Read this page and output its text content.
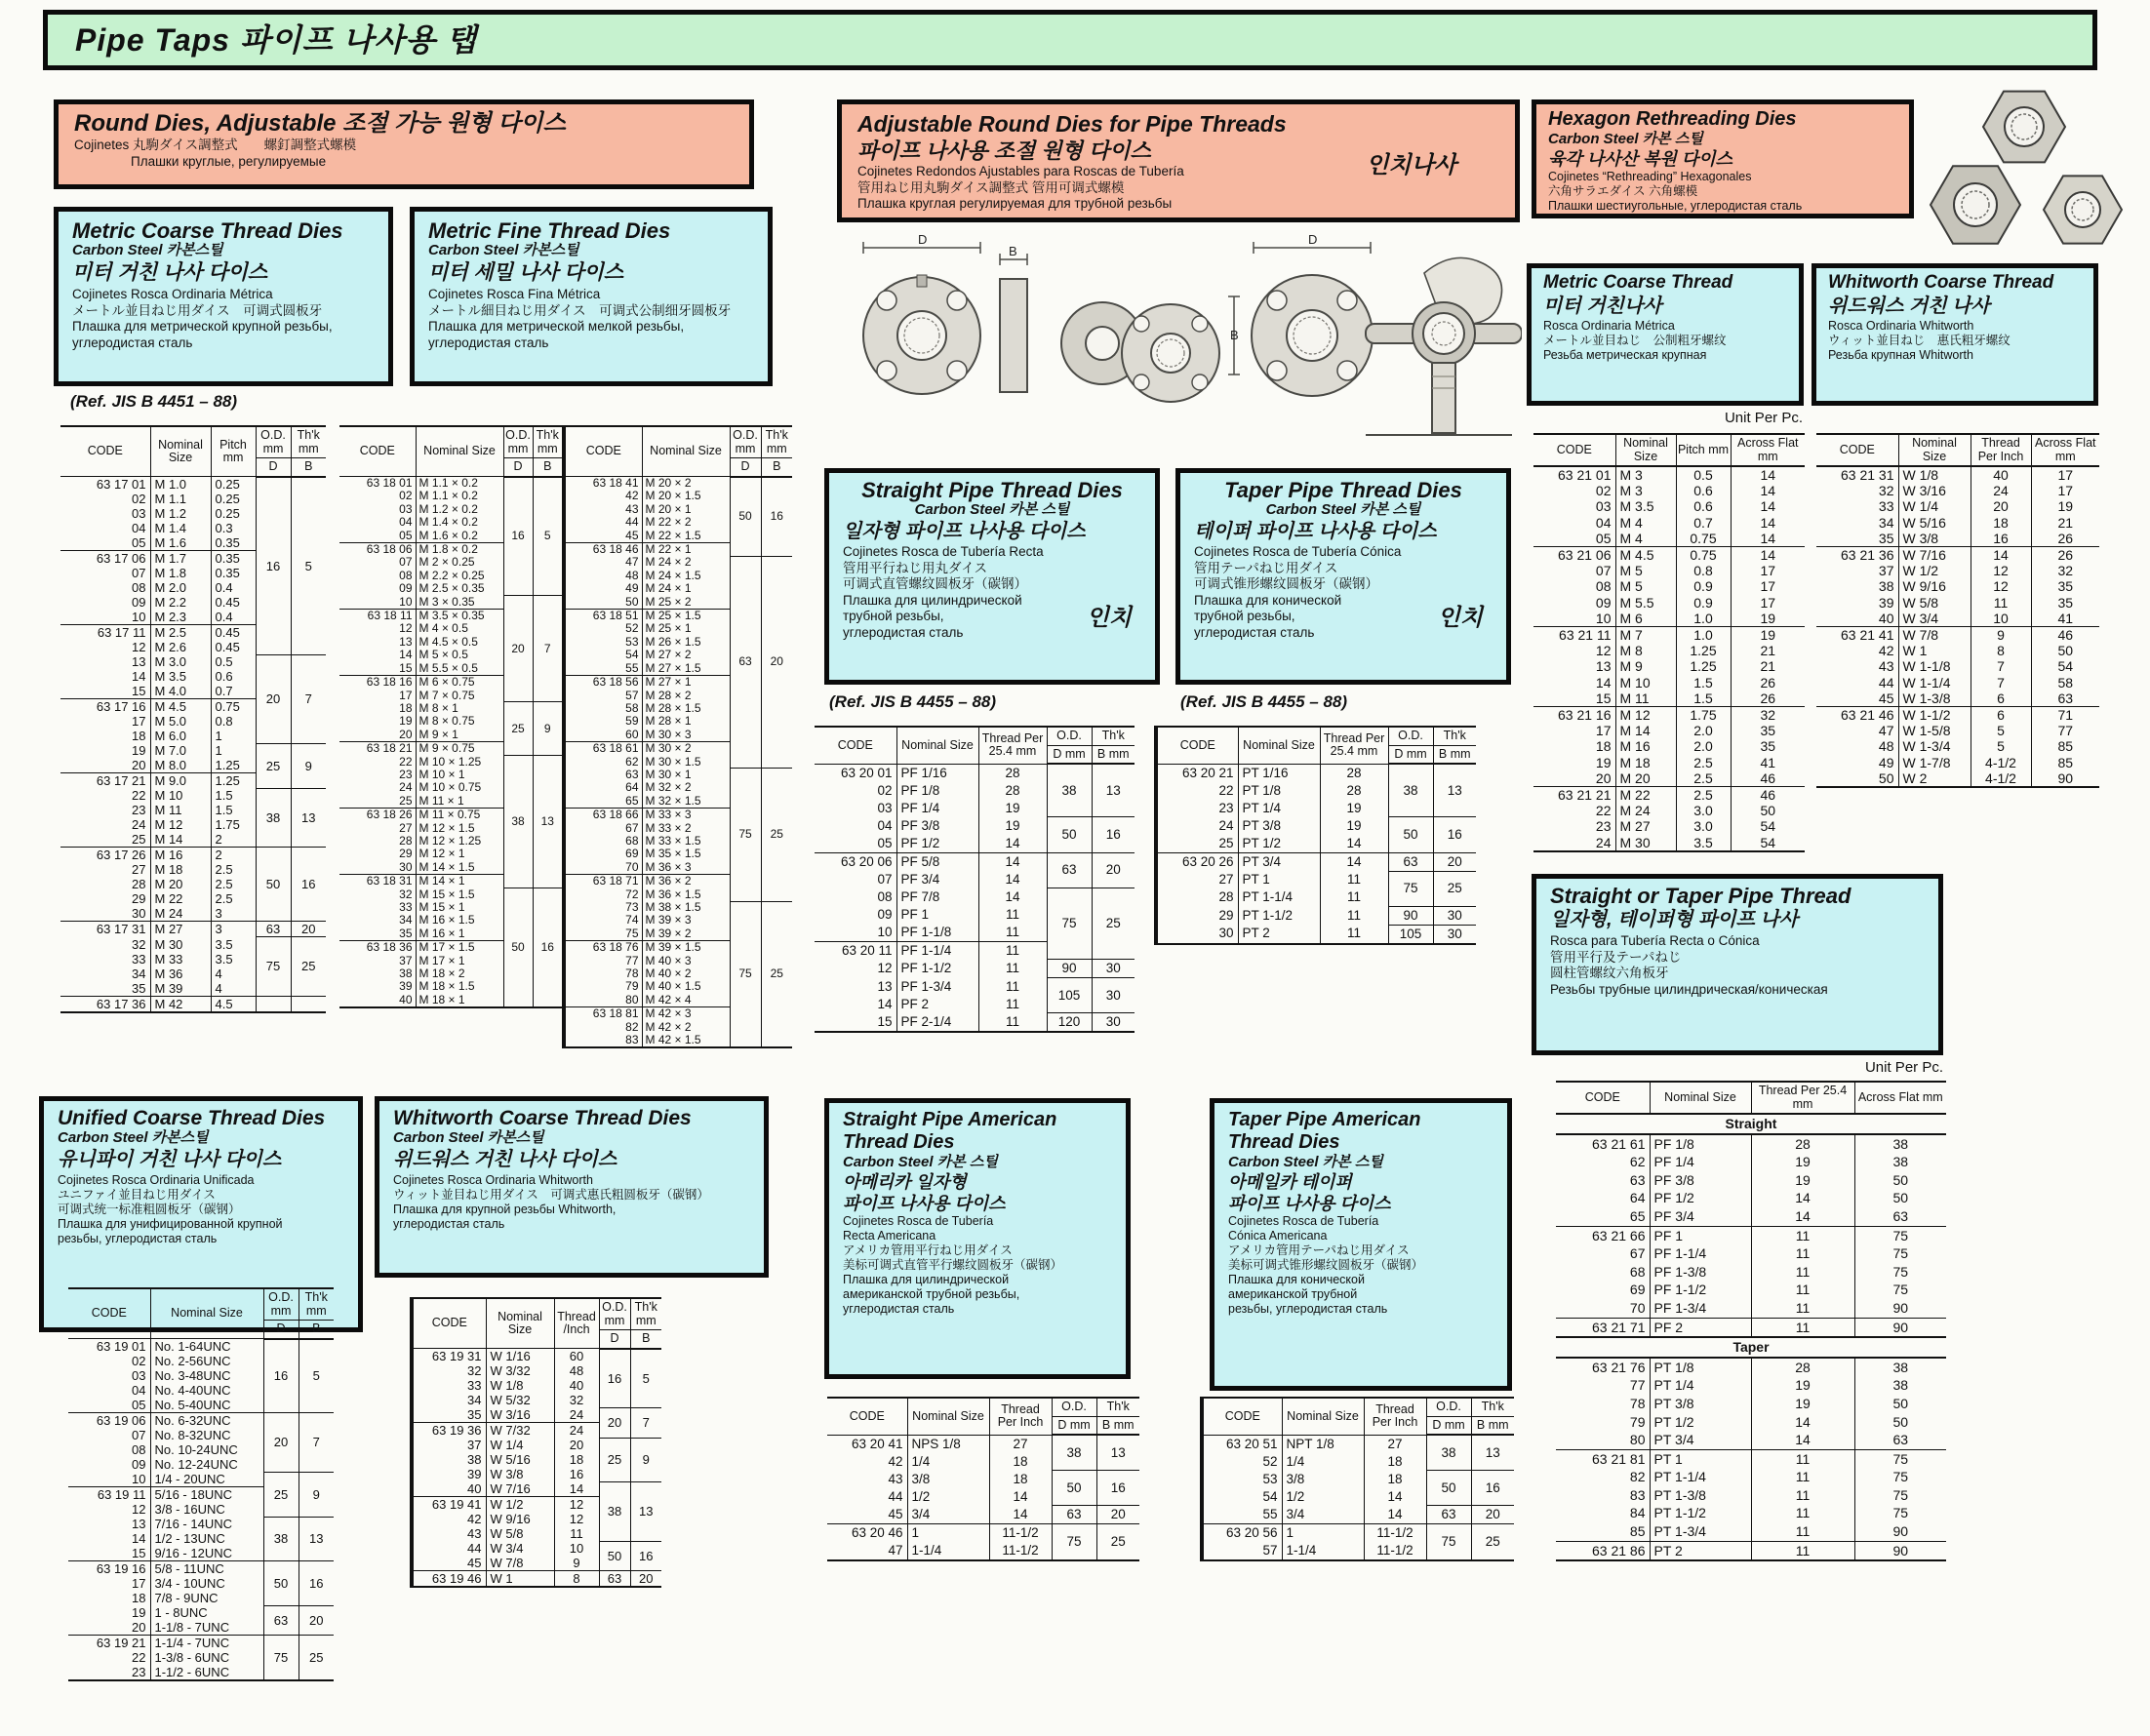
Pipe Taps 파이프 나사용 탭
Round Dies, Adjustable 조절 가능 원형 다이스
Cojinetes 丸駒ダイス調整式　　螺釘調整式螺模
Плашки круглые, регулируемые
Adjustable Round Dies for Pipe Threads
파이프 나사용 조절 원형 다이스
인치나사
Cojinetes Redondos Ajustables para Roscas de Tubería
管用ねじ用丸駒ダイス調整式 管用可调式螺模
Плашка круглая регулируемая для трубной резьбы
Hexagon Rethreading Dies
Carbon Steel 카본 스틸
육각 나사산 복원 다이스
Cojinetes “Rethreading” Hexagonales
六角サラエダイス 六角螺模
Плашки шестиугольные, углеродистая сталь
D
B
D
B
Metric Coarse Thread Dies
Carbon Steel 카본스틸
미터 거친 나사 다이스
Cojinetes Rosca Ordinaria Métrica
メートル並目ねじ用ダイス　可调式圆板牙
Плашка для метрической крупной резьбы,
углеродистая сталь
Metric Fine Thread Dies
Carbon Steel 카본스틸
미터 세밀 나사 다이스
Cojinetes Rosca Fina Métrica
メートル細目ねじ用ダイス　可调式公制细牙圆板牙
Плашка для метрической мелкой резьбы,
углеродистая сталь
(Ref. JIS B 4451 – 88)
CODE	Nominal Size	Pitch mm	O.D. mm	Th'k mm
			D	B
63 17 01	M 1.0	0.25	16	5
02	M 1.1	0.25		
03	M 1.2	0.25		
04	M 1.4	0.3		
05	M 1.6	0.35		
63 17 06	M 1.7	0.35		
07	M 1.8	0.35		
08	M 2.0	0.4		
09	M 2.2	0.45		
10	M 2.3	0.4		
63 17 11	M 2.5	0.45		
12	M 2.6	0.45		
13	M 3.0	0.5	20	7
14	M 3.5	0.6		
15	M 4.0	0.7		
63 17 16	M 4.5	0.75		
17	M 5.0	0.8		
18	M 6.0	1		
19	M 7.0	1	25	9
20	M 8.0	1.25		
63 17 21	M 9.0	1.25		
22	M 10	1.5	38	13
23	M 11	1.5		
24	M 12	1.75		
25	M 14	2		
63 17 26	M 16	2	50	16
27	M 18	2.5		
28	M 20	2.5		
29	M 22	2.5		
30	M 24	3		
63 17 31	M 27	3	63	20
32	M 30	3.5	75	25
33	M 33	3.5		
34	M 36	4		
35	M 39	4		
63 17 36	M 42	4.5		
CODE	Nominal Size	O.D. mm	Th'k mm
		D	B
63 18 01	M 1.1 × 0.2	16	5
02	M 1.1 × 0.2		
03	M 1.2 × 0.2		
04	M 1.4 × 0.2		
05	M 1.6 × 0.2		
63 18 06	M 1.8 × 0.2		
07	M 2 × 0.25		
08	M 2.2 × 0.25		
09	M 2.5 × 0.35		
10	M 3 × 0.35	20	7
63 18 11	M 3.5 × 0.35		
12	M 4 × 0.5		
13	M 4.5 × 0.5		
14	M 5 × 0.5		
15	M 5.5 × 0.5		
63 18 16	M 6 × 0.75		
17	M 7 × 0.75		
18	M 8 × 1	25	9
19	M 8 × 0.75		
20	M 9 × 1		
63 18 21	M 9 × 0.75		
22	M 10 × 1.25	38	13
23	M 10 × 1		
24	M 10 × 0.75		
25	M 11 × 1		
63 18 26	M 11 × 0.75		
27	M 12 × 1.5		
28	M 12 × 1.25		
29	M 12 × 1		
30	M 14 × 1.5		
63 18 31	M 14 × 1		
32	M 15 × 1.5	50	16
33	M 15 × 1		
34	M 16 × 1.5		
35	M 16 × 1		
63 18 36	M 17 × 1.5		
37	M 17 × 1		
38	M 18 × 2		
39	M 18 × 1.5		
40	M 18 × 1		
CODE	Nominal Size	O.D. mm	Th'k mm
		D	B
63 18 41	M 20 × 2	50	16
42	M 20 × 1.5		
43	M 20 × 1		
44	M 22 × 2		
45	M 22 × 1.5		
63 18 46	M 22 × 1		
47	M 24 × 2	63	20
48	M 24 × 1.5		
49	M 24 × 1		
50	M 25 × 2		
63 18 51	M 25 × 1.5		
52	M 25 × 1		
53	M 26 × 1.5		
54	M 27 × 2		
55	M 27 × 1.5		
63 18 56	M 27 × 1		
57	M 28 × 2		
58	M 28 × 1.5		
59	M 28 × 1		
60	M 30 × 3		
63 18 61	M 30 × 2		
62	M 30 × 1.5		
63	M 30 × 1	75	25
64	M 32 × 2		
65	M 32 × 1.5		
63 18 66	M 33 × 3		
67	M 33 × 2		
68	M 33 × 1.5		
69	M 35 × 1.5		
70	M 36 × 3		
63 18 71	M 36 × 2		
72	M 36 × 1.5		
73	M 38 × 1.5	75	25
74	M 39 × 3		
75	M 39 × 2		
63 18 76	M 39 × 1.5		
77	M 40 × 3		
78	M 40 × 2		
79	M 40 × 1.5		
80	M 42 × 4		
63 18 81	M 42 × 3		
82	M 42 × 2		
83	M 42 × 1.5		
Straight Pipe Thread Dies
Carbon Steel 카본 스틸
일자형 파이프 나사용 다이스
Cojinetes Rosca de Tubería Recta
管用平行ねじ用丸ダイス
可调式直管螺纹圆板牙（碳钢）
인치
Плашка для цилиндрической
трубной резьбы,
углеродистая сталь
(Ref. JIS B 4455 – 88)
Taper Pipe Thread Dies
Carbon Steel 카본 스틸
테이퍼 파이프 나사용 다이스
Cojinetes Rosca de Tubería Cónica
管用テーパねじ用ダイス
可调式锥形螺纹圆板牙（碳钢）
인치
Плашка для конической
трубной резьбы,
углеродистая сталь
(Ref. JIS B 4455 – 88)
CODE	Nominal Size	Thread Per 25.4 mm	O.D.	Th'k
			D mm	B mm
63 20 01	PF 1/16	28	38	13
02	PF 1/8	28		
03	PF 1/4	19		
04	PF 3/8	19	50	16
05	PF 1/2	14		
63 20 06	PF 5/8	14	63	20
07	PF 3/4	14		
08	PF 7/8	14	75	25
09	PF 1	11		
10	PF 1-1/8	11		
63 20 11	PF 1-1/4	11		
12	PF 1-1/2	11	90	30
13	PF 1-3/4	11	105	30
14	PF 2	11		
15	PF 2-1/4	11	120	30
CODE	Nominal Size	Thread Per 25.4 mm	O.D.	Th'k
			D mm	B mm
63 20 21	PT 1/16	28	38	13
22	PT 1/8	28		
23	PT 1/4	19		
24	PT 3/8	19	50	16
25	PT 1/2	14		
63 20 26	PT 3/4	14	63	20
27	PT 1	11	75	25
28	PT 1-1/4	11		
29	PT 1-1/2	11	90	30
30	PT 2	11	105	30
Metric Coarse Thread
미터 거친나사
Rosca Ordinaria Métrica
メートル並目ねじ　公制粗牙螺纹
Резьба метрическая крупная
Whitworth Coarse Thread
위드워스 거친 나사
Rosca Ordinaria Whitworth
ウィット並目ねじ　惠氏粗牙螺纹
Резьба крупная Whitworth
Unit Per Pc.
CODE	Nominal Size	Pitch mm	Across Flat mm
63 21 01	M 3	0.5	14
02	M 3	0.6	14
03	M 3.5	0.6	14
04	M 4	0.7	14
05	M 4	0.75	14
63 21 06	M 4.5	0.75	14
07	M 5	0.8	17
08	M 5	0.9	17
09	M 5.5	0.9	17
10	M 6	1.0	19
63 21 11	M 7	1.0	19
12	M 8	1.25	21
13	M 9	1.25	21
14	M 10	1.5	26
15	M 11	1.5	26
63 21 16	M 12	1.75	32
17	M 14	2.0	35
18	M 16	2.0	35
19	M 18	2.5	41
20	M 20	2.5	46
63 21 21	M 22	2.5	46
22	M 24	3.0	50
23	M 27	3.0	54
24	M 30	3.5	54
CODE	Nominal Size	Thread Per Inch	Across Flat mm
63 21 31	W 1/8	40	17
32	W 3/16	24	17
33	W 1/4	20	19
34	W 5/16	18	21
35	W 3/8	16	26
63 21 36	W 7/16	14	26
37	W 1/2	12	32
38	W 9/16	12	35
39	W 5/8	11	35
40	W 3/4	10	41
63 21 41	W 7/8	9	46
42	W 1	8	50
43	W 1-1/8	7	54
44	W 1-1/4	7	58
45	W 1-3/8	6	63
63 21 46	W 1-1/2	6	71
47	W 1-5/8	5	77
48	W 1-3/4	5	85
49	W 1-7/8	4-1/2	85
50	W 2	4-1/2	90
Straight or Taper Pipe Thread
일자형, 테이퍼형 파이프 나사
Rosca para Tubería Recta o Cónica
管用平行及テーパねじ
圆柱管螺纹六角板牙
Резьбы трубные цилиндрическая/коническая
Unit Per Pc.
CODE	Nominal Size	Thread Per 25.4 mm	Across Flat mm
Straight			
63 21 61	PF 1/8	28	38
62	PF 1/4	19	38
63	PF 3/8	19	50
64	PF 1/2	14	50
65	PF 3/4	14	63
63 21 66	PF 1	11	75
67	PF 1-1/4	11	75
68	PF 1-3/8	11	75
69	PF 1-1/2	11	75
70	PF 1-3/4	11	90
63 21 71	PF 2	11	90
Taper			
63 21 76	PT 1/8	28	38
77	PT 1/4	19	38
78	PT 3/8	19	50
79	PT 1/2	14	50
80	PT 3/4	14	63
63 21 81	PT 1	11	75
82	PT 1-1/4	11	75
83	PT 1-3/8	11	75
84	PT 1-1/2	11	75
85	PT 1-3/4	11	90
63 21 86	PT 2	11	90
Unified Coarse Thread Dies
Carbon Steel 카본스틸
유니파이 거친 나사 다이스
Cojinetes Rosca Ordinaria Unificada
ユニファイ並目ねじ用ダイス
可调式统一标准粗圆板牙（碳钢）
Плашка для унифицированной крупной
резьбы, углеродистая сталь
Whitworth Coarse Thread Dies
Carbon Steel 카본스틸
위드워스 거친 나사 다이스
Cojinetes Rosca Ordinaria Whitworth
ウィット並目ねじ用ダイス　可调式惠氏粗圆板牙（碳钢）
Плашка для крупной резьбы Whitworth,
углеродистая сталь
CODE	Nominal Size	O.D. mm	Th'k mm
		D	B
63 19 01	No. 1-64UNC	16	5
02	No. 2-56UNC		
03	No. 3-48UNC		
04	No. 4-40UNC		
05	No. 5-40UNC		
63 19 06	No. 6-32UNC	20	7
07	No. 8-32UNC		
08	No. 10-24UNC		
09	No. 12-24UNC		
10	1/4 - 20UNC	25	9
63 19 11	5/16 - 18UNC		
12	3/8 - 16UNC		
13	7/16 - 14UNC	38	13
14	1/2 - 13UNC		
15	9/16 - 12UNC		
63 19 16	5/8 - 11UNC	50	16
17	3/4 - 10UNC		
18	7/8 - 9UNC		
19	1 - 8UNC	63	20
20	1-1/8 - 7UNC		
63 19 21	1-1/4 - 7UNC	75	25
22	1-3/8 - 6UNC		
23	1-1/2 - 6UNC		
CODE	Nominal Size	Thread /Inch	O.D. mm	Th'k mm
			D	B
63 19 31	W 1/16	60	16	5
32	W 3/32	48		
33	W 1/8	40		
34	W 5/32	32		
35	W 3/16	24	20	7
63 19 36	W 7/32	24		
37	W 1/4	20	25	9
38	W 5/16	18		
39	W 3/8	16		
40	W 7/16	14	38	13
63 19 41	W 1/2	12		
42	W 9/16	12		
43	W 5/8	11		
44	W 3/4	10	50	16
45	W 7/8	9		
63 19 46	W 1	8	63	20
Straight Pipe American
Thread Dies
Carbon Steel 카본 스틸
아메리카 일자형
파이프 나사용 다이스
Cojinetes Rosca de Tubería
Recta Americana
アメリカ管用平行ねじ用ダイス
美标可调式直管平行螺纹圆板牙（碳钢）
Плашка для цилиндрической
американской трубной резьбы,
углеродистая сталь
Taper Pipe American
Thread Dies
Carbon Steel 카본 스틸
아메일카 테이퍼
파이프 나사용 다이스
Cojinetes Rosca de Tubería
Cónica Americana
アメリカ管用テーパねじ用ダイス
美标可调式锥形螺纹圆板牙（碳钢）
Плашка для конической
американской трубной
резьбы, углеродистая сталь
CODE	Nominal Size	Thread Per Inch	O.D.	Th'k
			D mm	B mm
63 20 41	NPS 1/8	27	38	13
42	1/4	18		
43	3/8	18	50	16
44	1/2	14		
45	3/4	14	63	20
63 20 46	1	11-1/2	75	25
47	1-1/4	11-1/2		
CODE	Nominal Size	Thread Per Inch	O.D.	Th'k
			D mm	B mm
63 20 51	NPT 1/8	27	38	13
52	1/4	18		
53	3/8	18	50	16
54	1/2	14		
55	3/4	14	63	20
63 20 56	1	11-1/2	75	25
57	1-1/4	11-1/2		
